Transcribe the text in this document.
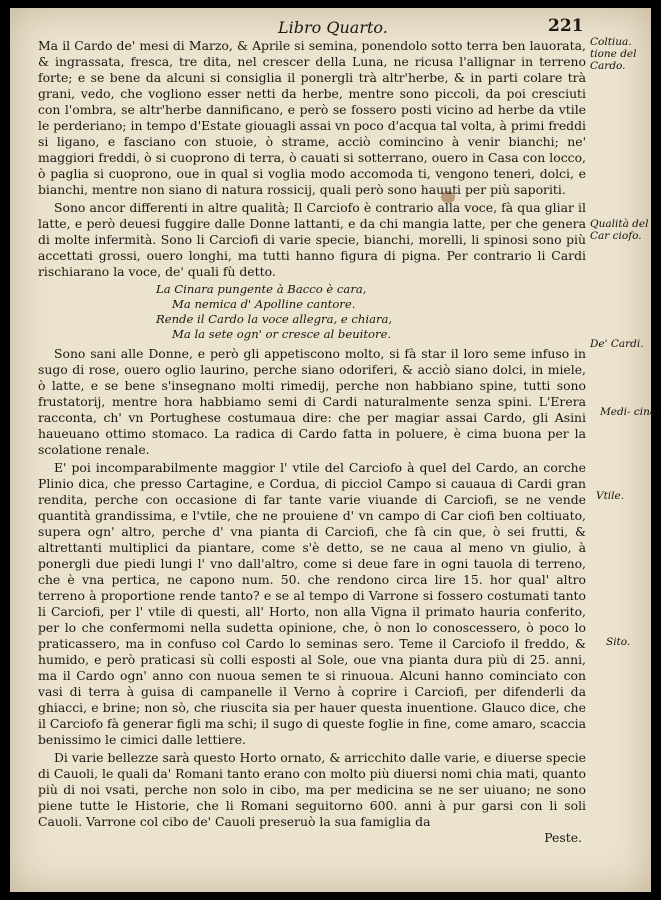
Libro Quarto.	221

Ma il Cardo de' mesi di Marzo, & Aprile si semina, ponendolo sotto terra ben lauorata, & ingrassata, fresca, tre dita, nel crescer della Luna, ne ricusa l'allignar in terreno forte; e se bene da alcuni si consiglia il ponergli trà altr'herbe, & in parti colare trà grani, vedo, che vogliono esser netti da herbe, mentre sono piccoli, da poi cresciuti con l'ombra, se altr'herbe dannificano, e però se fossero posti vicino ad herbe da vtile le perderiano; in tempo d'Estate giouagli assai vn poco d'acqua tal volta, à primi freddi si ligano, e fasciano con stuoie, ò strame, acciò comincino à venir bianchi; ne' maggiori freddi, ò si cuoprono di terra, ò cauati si sotterrano, ouero in Casa con locco, ò paglia si cuoprono, oue in qual si voglia modo accomoda ti, vengono teneri, dolci, e bianchi, mentre non siano di natura rossicij, quali però sono hauuti per più saporiti.

Sono ancor differenti in altre qualità; Il Carciofo è contrario alla voce, fà qua gliar il latte, e però deuesi fuggire dalle Donne lattanti, e da chi mangia latte, per che genera di molte infermità. Sono li Carciofi di varie specie, bianchi, morelli, li spinosi sono più accettati grossi, ouero longhi, ma tutti hanno figura di pigna. Per contrario li Cardi rischiarano la voce, de' quali fù detto.

La Cinara pungente à Bacco è cara,
Ma nemica d' Apolline cantore.
Rende il Cardo la voce allegra, e chiara,
Ma la sete ogn' or cresce al beuitore.

Sono sani alle Donne, e però gli appetiscono molto, si fà star il loro seme infuso in sugo di rose, ouero oglio laurino, perche siano odoriferi, & acciò siano dolci, in miele, ò latte, e se bene s'insegnano molti rimedij, perche non habbiano spine, tutti sono frustatorij, mentre hora habbiamo semi di Cardi naturalmente senza spini. L'Erera racconta, ch' vn Portughese costumaua dire: che per magiar assai Cardo, gli Asini haueuano ottimo stomaco. La radica di Cardo fatta in poluere, è cima buona per la scolatione renale.

E' poi incomparabilmente maggior l' vtile del Carciofo à quel del Cardo, an corche Plinio dica, che presso Cartagine, e Cordua, di picciol Campo si cauaua di Cardi gran rendita, perche con occasione di far tante varie viuande di Carciofi, se ne vende quantità grandissima, e l'vtile, che ne prouiene d' vn campo di Car ciofi ben coltiuato, supera ogn' altro, perche d' vna pianta di Carciofi, che fà cin que, ò sei frutti, & altrettanti multiplici da piantare, come s'è detto, se ne caua al meno vn giulio, à ponergli due piedi lungi l' vno dall'altro, come si deue fare in ogni tauola di terreno, che è vna pertica, ne capono num. 50. che rendono circa lire 15. hor qual' altro terreno à proportione rende tanto? e se al tempo di Varrone si fossero costumati tanto li Carciofi, per l' vtile di questi, all' Horto, non alla Vigna il primato hauria conferito, per lo che confermomi nella sudetta opinione, che, ò non lo conoscessero, ò poco lo praticassero, ma in confuso col Cardo lo seminas sero. Teme il Carciofo il freddo, & humido, e però praticasi sù colli esposti al Sole, oue vna pianta dura più di 25. anni, ma il Cardo ogn' anno con nuoua semen te si rinuoua. Alcuni hanno cominciato con vasi di terra à guisa di campanelle il Verno à coprire i Carciofi, per difenderli da ghiacci, e brine; non sò, che riuscita sia per hauer questa inuentione. Glauco dice, che il Carciofo fà generar figli ma schi; il sugo di queste foglie in fine, come amaro, scaccia benissimo le cimici dalle lettiere.

Di varie bellezze sarà questo Horto ornato, & arricchito dalle varie, e diuerse specie di Cauoli, le quali da' Romani tanto erano con molto più diuersi nomi chia mati, quanto più di noi vsati, perche non solo in cibo, ma per medicina se ne ser uiuano; ne sono piene tutte le Historie, che li Romani seguitorno 600. anni à pur garsi con li soli Cauoli. Varrone col cibo de' Cauoli preseruò la sua famiglia da

Peste.
Coltiua. tione del Cardo.
Qualità del Car ciofo.
De' Cardi.
Medi- cina.
Vtile.
Sito.
